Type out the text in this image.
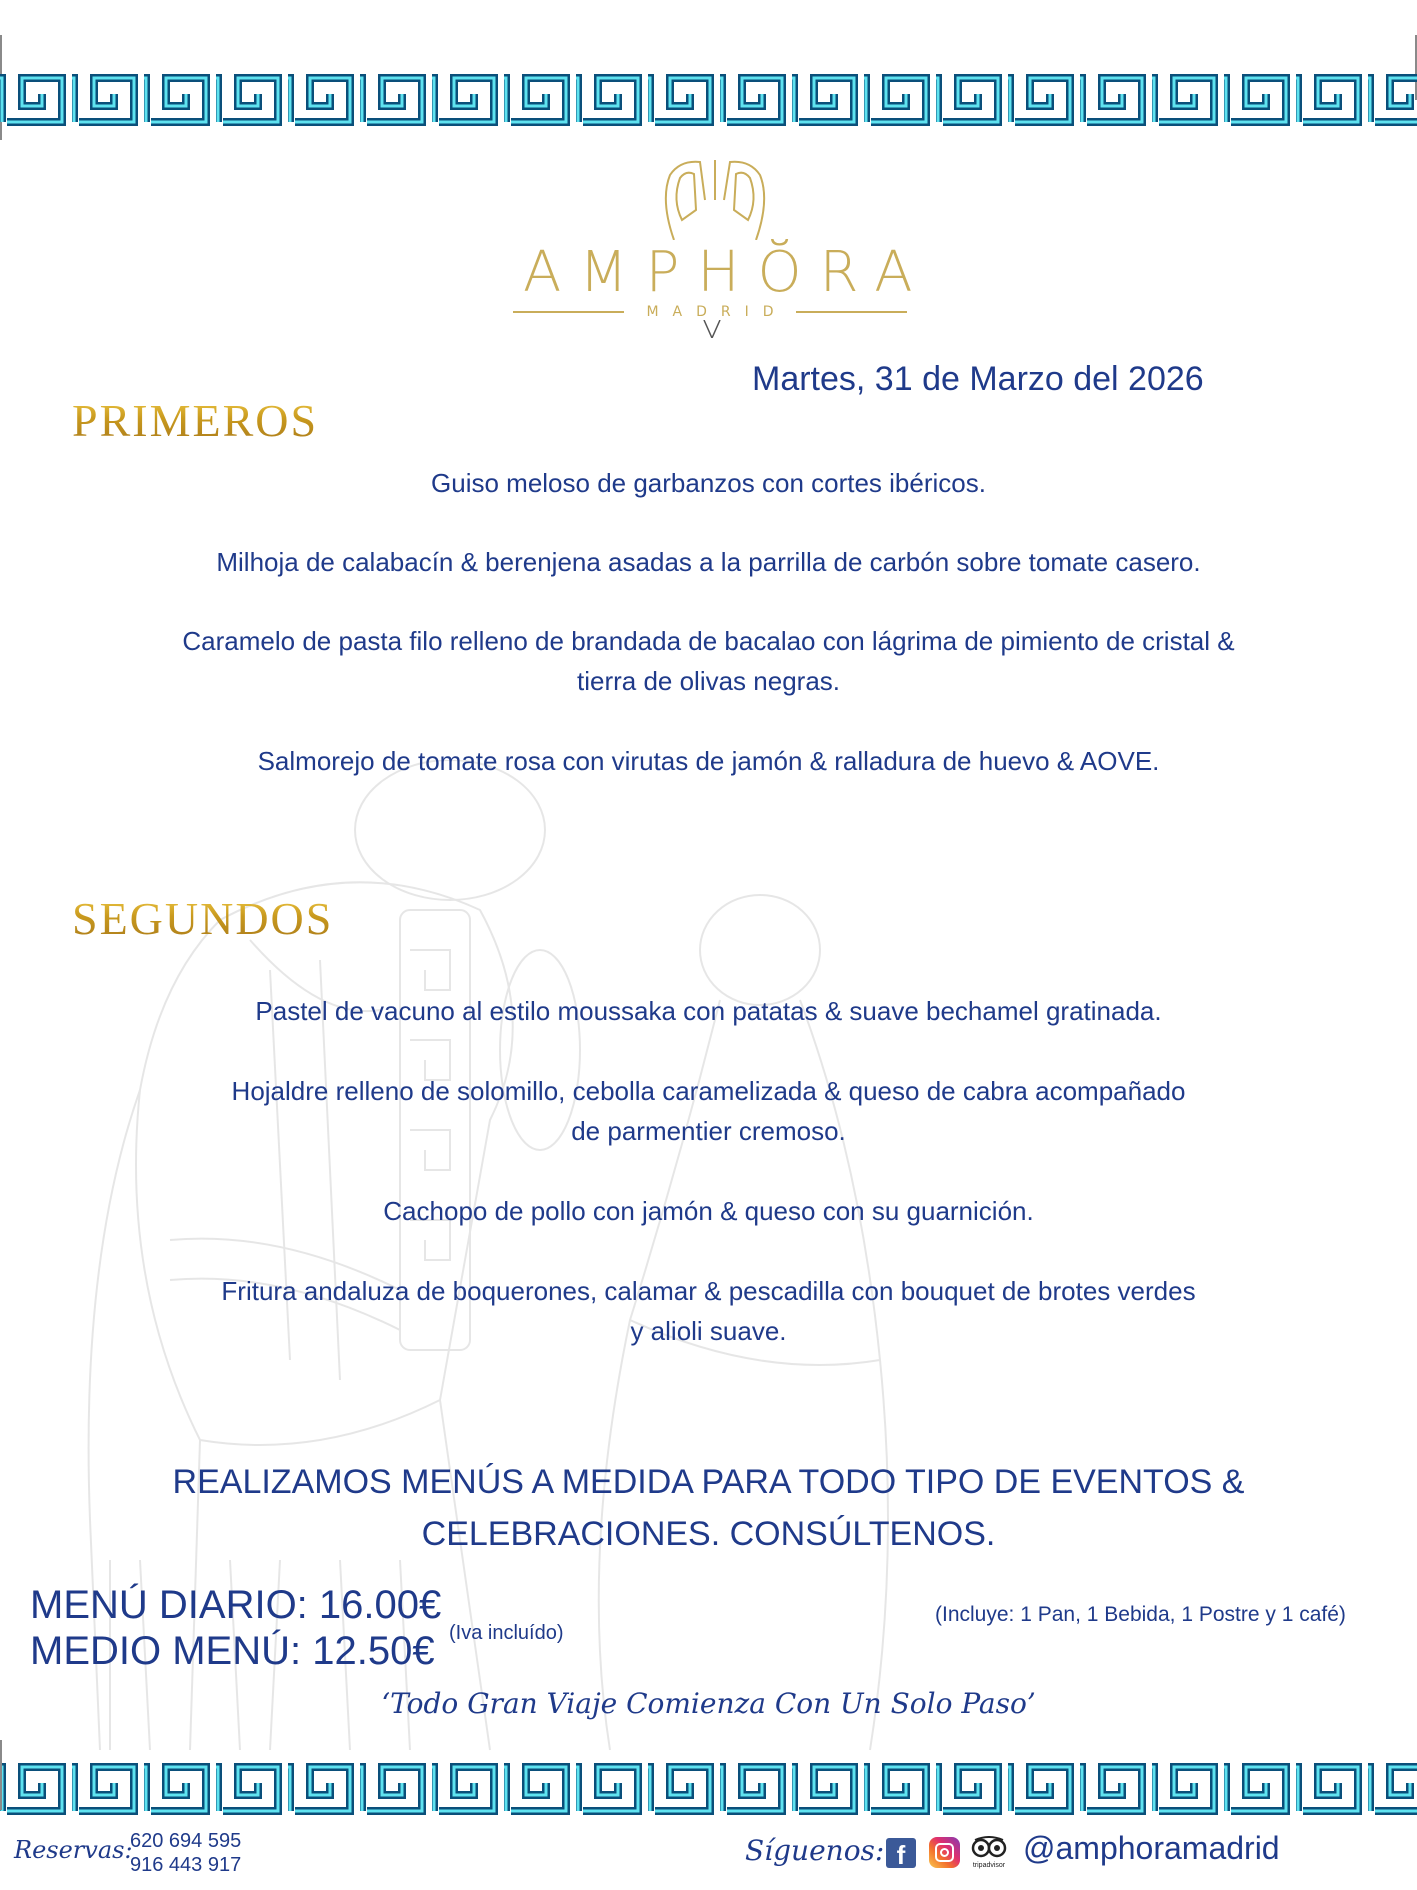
AMPHŎRA
MADRID
Martes, 31 de Marzo del 2026
PRIMEROS
Guiso meloso de garbanzos con cortes ibéricos.
Milhoja de calabacín & berenjena asadas a la parrilla de carbón sobre tomate casero.
Caramelo de pasta filo relleno de brandada de bacalao con lágrima de pimiento de cristal &
tierra de olivas negras.
Salmorejo de tomate rosa con virutas de jamón & ralladura de huevo & AOVE.
SEGUNDOS
Pastel de vacuno al estilo moussaka con patatas & suave bechamel gratinada.
Hojaldre relleno de solomillo, cebolla caramelizada & queso de cabra acompañado
de parmentier cremoso.
Cachopo de pollo con jamón & queso con su guarnición.
Fritura andaluza de boquerones, calamar & pescadilla con bouquet de brotes verdes
y alioli suave.
REALIZAMOS MENÚS A MEDIDA PARA TODO TIPO DE EVENTOS &
CELEBRACIONES. CONSÚLTENOS.
MENÚ DIARIO: 16.00€
MEDIO MENÚ: 12.50€ (Iva incluído)
(Incluye: 1 Pan, 1 Bebida, 1 Postre y 1 café)
‘Todo Gran Viaje Comienza Con Un Solo Paso’
Reservas:
620 694 595
916 443 917	Síguenos: f	tripadvisor @amphoramadrid
